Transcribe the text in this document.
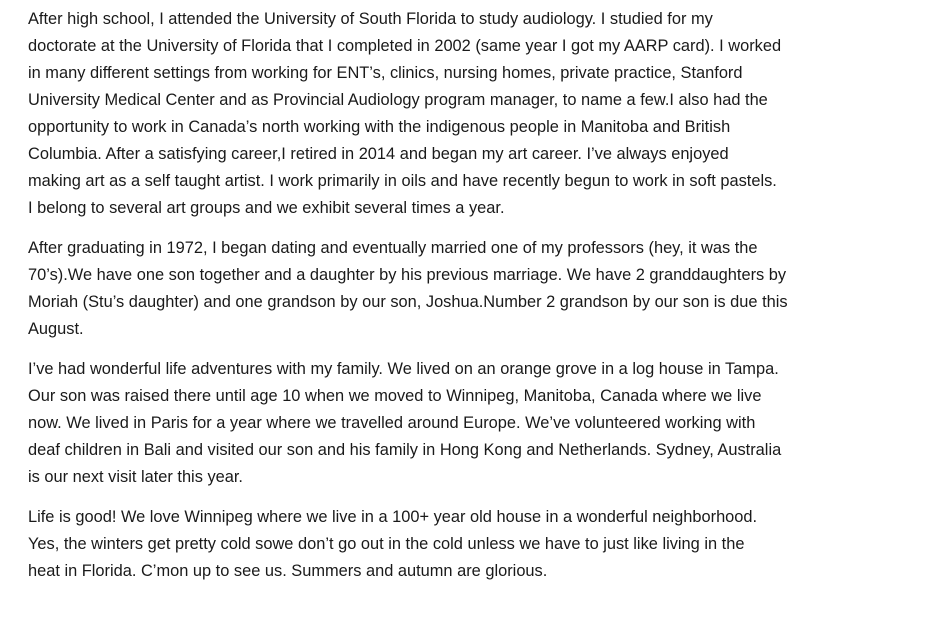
After high school, I attended the University of South Florida to study audiology. I studied for my
doctorate at the University of Florida that I completed in 2002 (same year I got my AARP card). I worked
in many different settings from working for ENT’s, clinics, nursing homes, private practice, Stanford
University Medical Center and as Provincial Audiology program manager, to name a few.I also had the
opportunity to work in Canada’s north working with the indigenous people in Manitoba and British
Columbia. After a satisfying career,I retired in 2014 and began my art career. I’ve always enjoyed
making art as a self taught artist. I work primarily in oils and have recently begun to work in soft pastels.
I belong to several art groups and we exhibit several times a year.

After graduating in 1972, I began dating and eventually married one of my professors (hey, it was the
70’s).We have one son together and a daughter by his previous marriage. We have 2 granddaughters by
Moriah (Stu’s daughter) and one grandson by our son, Joshua.Number 2 grandson by our son is due this
August.

I’ve had wonderful life adventures with my family. We lived on an orange grove in a log house in Tampa.
Our son was raised there until age 10 when we moved to Winnipeg, Manitoba, Canada where we live
now. We lived in Paris for a year where we travelled around Europe. We’ve volunteered working with
deaf children in Bali and visited our son and his family in Hong Kong and Netherlands. Sydney, Australia
is our next visit later this year.

Life is good! We love Winnipeg where we live in a 100+ year old house in a wonderful neighborhood.
Yes, the winters get pretty cold sowe don’t go out in the cold unless we have to just like living in the
heat in Florida. C’mon up to see us. Summers and autumn are glorious.
